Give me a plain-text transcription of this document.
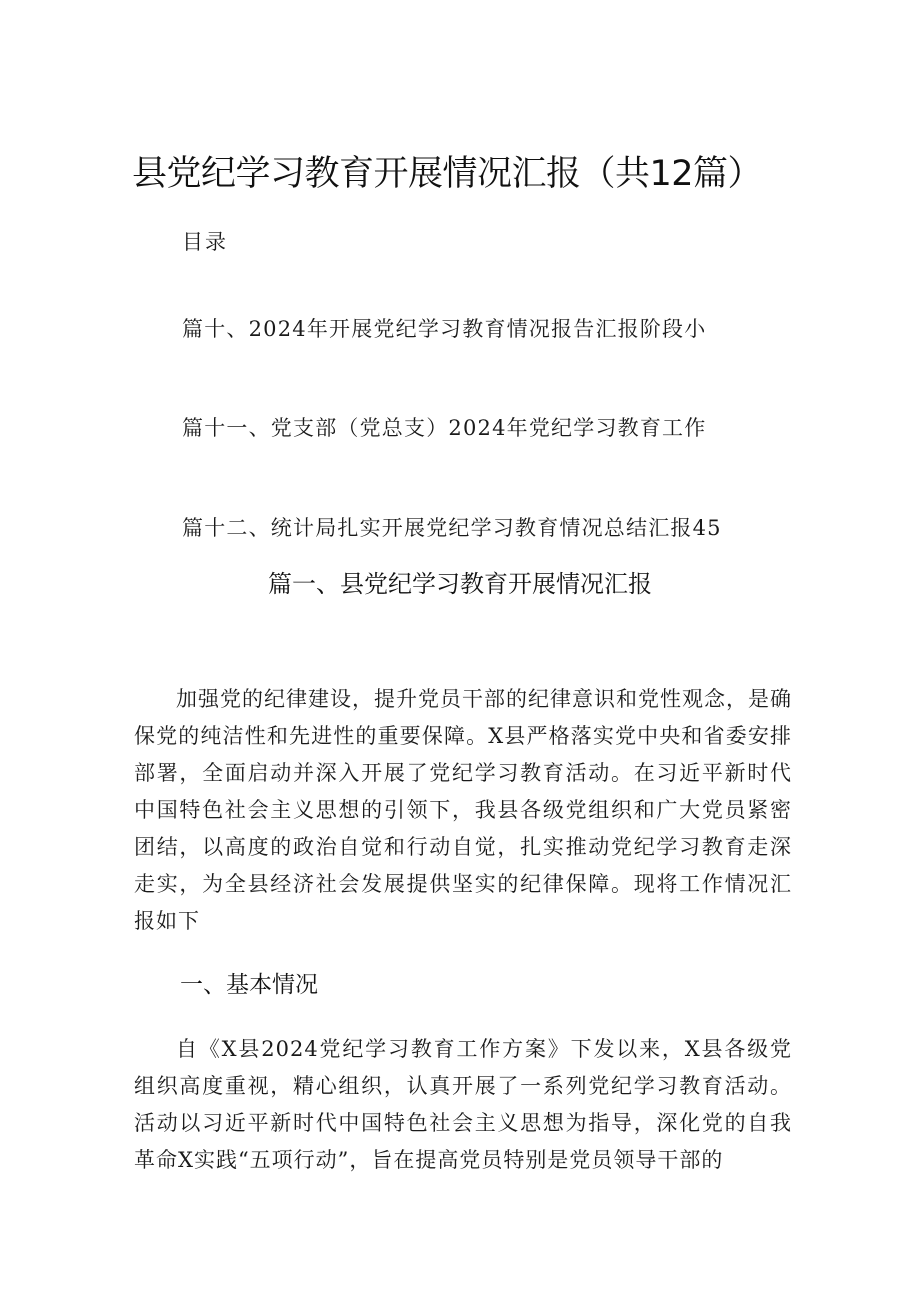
县党纪学习教育开展情况汇报（共12篇）
目录
篇十、2024年开展党纪学习教育情况报告汇报阶段小
篇十一、党支部（党总支）2024年党纪学习教育工作
篇十二、统计局扎实开展党纪学习教育情况总结汇报45
篇一、县党纪学习教育开展情况汇报

加强党的纪律建设，提升党员干部的纪律意识和党性观念，是确保党的纯洁性和先进性的重要保障。X县严格落实党中央和省委安排部署，全面启动并深入开展了党纪学习教育活动。在习近平新时代中国特色社会主义思想的引领下，我县各级党组织和广大党员紧密团结，以高度的政治自觉和行动自觉，扎实推动党纪学习教育走深走实，为全县经济社会发展提供坚实的纪律保障。现将工作情况汇报如下

一、基本情况

自《X县2024党纪学习教育工作方案》下发以来，X县各级党组织高度重视，精心组织，认真开展了一系列党纪学习教育活动。活动以习近平新时代中国特色社会主义思想为指导，深化党的自我革命X实践“五项行动”，旨在提高党员特别是党员领导干部的
